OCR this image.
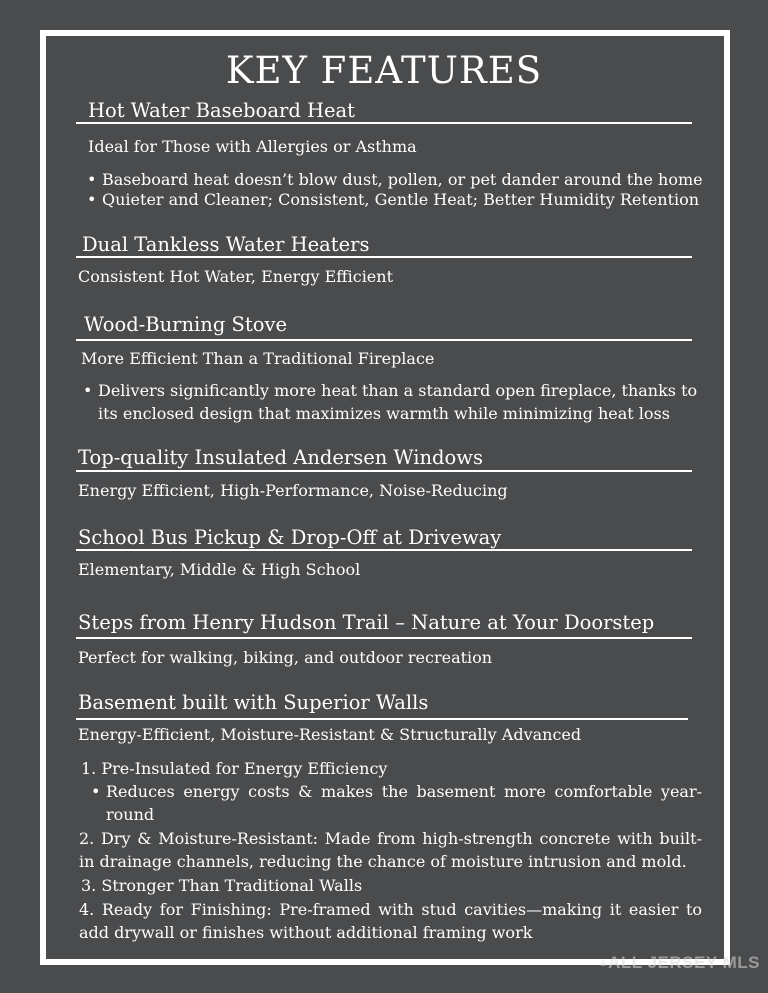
KEY FEATURES
Hot Water Baseboard Heat
Ideal for Those with Allergies or Asthma
• Baseboard heat doesn’t blow dust, pollen, or pet dander around the home
• Quieter and Cleaner; Consistent, Gentle Heat; Better Humidity Retention
Dual Tankless Water Heaters
Consistent Hot Water, Energy Efficient
Wood-Burning Stove
More Efficient Than a Traditional Fireplace
• Delivers significantly more heat than a standard open fireplace, thanks to its enclosed design that maximizes warmth while minimizing heat loss
Top-quality Insulated Andersen Windows
Energy Efficient, High-Performance, Noise-Reducing
School Bus Pickup & Drop-Off at Driveway
Elementary, Middle & High School
Steps from Henry Hudson Trail – Nature at Your Doorstep
Perfect for walking, biking, and outdoor recreation
Basement built with Superior Walls
Energy-Efficient, Moisture-Resistant & Structurally Advanced
1. Pre-Insulated for Energy Efficiency
• Reduces energy costs & makes the basement more comfortable year-round
2. Dry & Moisture-Resistant: Made from high-strength concrete with built-in drainage channels, reducing the chance of moisture intrusion and mold.
3. Stronger Than Traditional Walls
4. Ready for Finishing: Pre-framed with stud cavities—making it easier to add drywall or finishes without additional framing work
ALL JERSEY MLS
